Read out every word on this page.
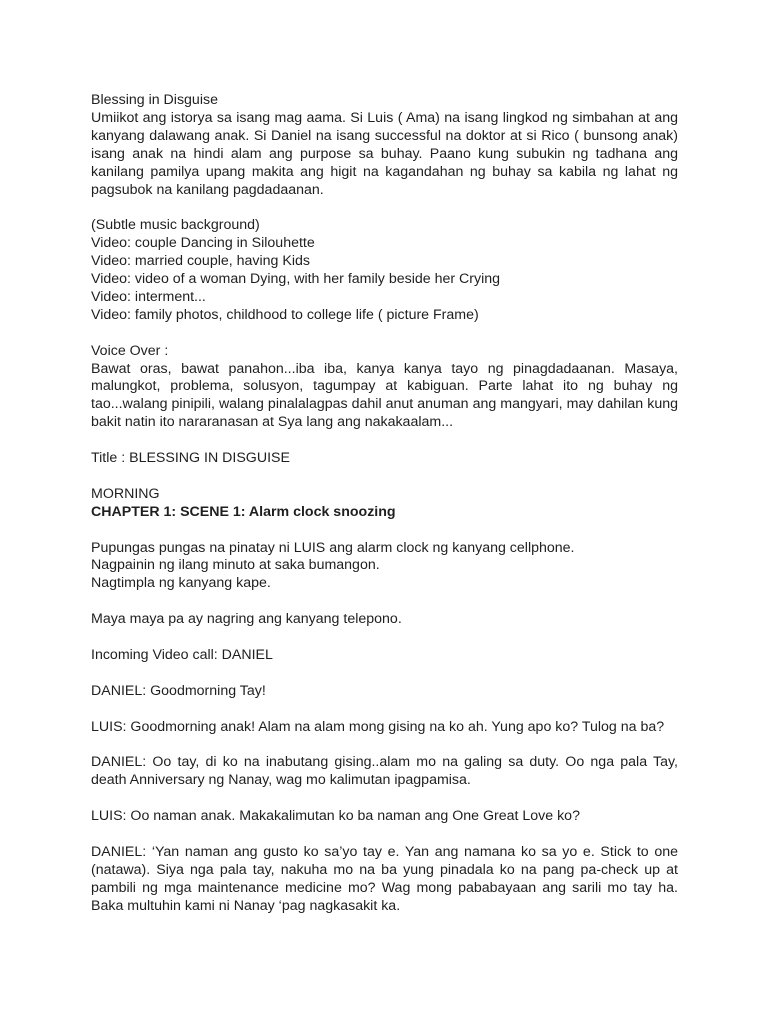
Blessing in Disguise

Umiikot ang istorya sa isang mag aama. Si Luis ( Ama) na isang lingkod ng simbahan at ang kanyang dalawang anak. Si Daniel na isang successful na doktor at si Rico ( bunsong anak) isang anak na hindi alam ang purpose sa buhay. Paano kung subukin ng tadhana ang kanilang pamilya upang makita ang higit na kagandahan ng buhay sa kabila ng lahat ng pagsubok na kanilang pagdadaanan.

(Subtle music background)
Video: couple Dancing in Silouhette
Video: married couple, having Kids
Video: video of a woman Dying, with her family beside her Crying
Video: interment...
Video: family photos, childhood to college life ( picture Frame)

Voice Over :

Bawat oras, bawat panahon...iba iba, kanya kanya tayo ng pinagdadaanan. Masaya, malungkot, problema, solusyon, tagumpay at kabiguan. Parte lahat ito ng buhay ng tao...walang pinipili, walang pinalalagpas dahil anut anuman ang mangyari, may dahilan kung bakit natin ito nararanasan at Sya lang ang nakakaalam...

Title : BLESSING IN DISGUISE

MORNING

CHAPTER 1: SCENE 1: Alarm clock snoozing

Pupungas pungas na pinatay ni LUIS ang alarm clock ng kanyang cellphone.
Nagpainin ng ilang minuto at saka bumangon.
Nagtimpla ng kanyang kape.

Maya maya pa ay nagring ang kanyang telepono.

Incoming Video call: DANIEL

DANIEL: Goodmorning Tay!

LUIS: Goodmorning anak! Alam na alam mong gising na ko ah. Yung apo ko? Tulog na ba?

DANIEL: Oo tay, di ko na inabutang gising..alam mo na galing sa duty. Oo nga pala Tay, death Anniversary ng Nanay, wag mo kalimutan ipagpamisa.

LUIS: Oo naman anak. Makakalimutan ko ba naman ang One Great Love ko?

DANIEL: ‘Yan naman ang gusto ko sa’yo tay e. Yan ang namana ko sa yo e. Stick to one (natawa). Siya nga pala tay, nakuha mo na ba yung pinadala ko na pang pa-check up at pambili ng mga maintenance medicine mo? Wag mong pababayaan ang sarili mo tay ha. Baka multuhin kami ni Nanay ‘pag nagkasakit ka.
